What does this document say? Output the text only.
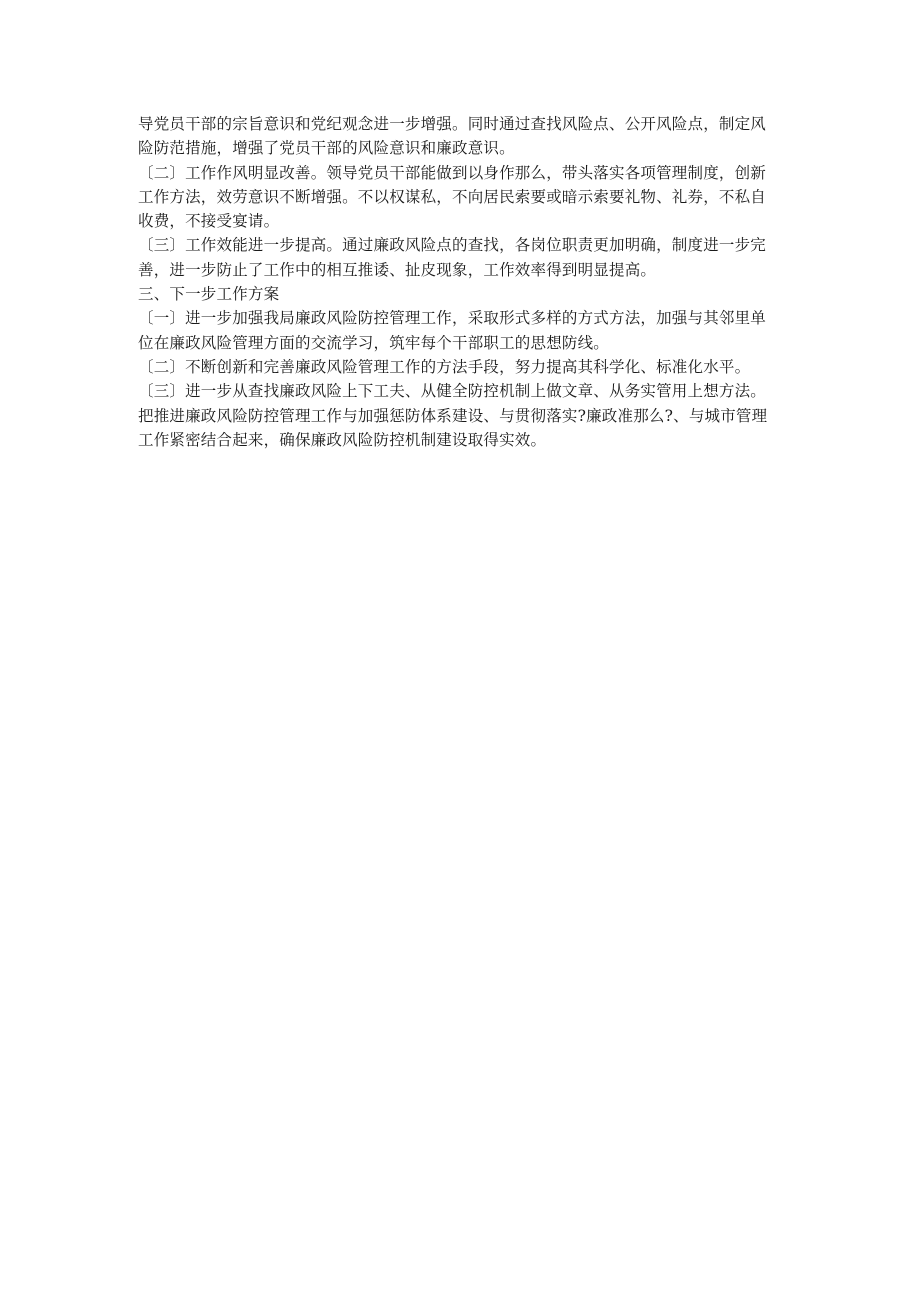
导党员干部的宗旨意识和党纪观念进一步增强。同时通过查找风险点、公开风险点，制定风
险防范措施，增强了党员干部的风险意识和廉政意识。
〔二〕工作作风明显改善。领导党员干部能做到以身作那么，带头落实各项管理制度，创新
工作方法，效劳意识不断增强。不以权谋私，不向居民索要或暗示索要礼物、礼券，不私自
收费，不接受宴请。
〔三〕工作效能进一步提高。通过廉政风险点的查找，各岗位职责更加明确，制度进一步完
善，进一步防止了工作中的相互推诿、扯皮现象，工作效率得到明显提高。
三、下一步工作方案
〔一〕进一步加强我局廉政风险防控管理工作，采取形式多样的方式方法，加强与其邻里单
位在廉政风险管理方面的交流学习，筑牢每个干部职工的思想防线。
〔二〕不断创新和完善廉政风险管理工作的方法手段，努力提高其科学化、标准化水平。
〔三〕进一步从查找廉政风险上下工夫、从健全防控机制上做文章、从务实管用上想方法。
把推进廉政风险防控管理工作与加强惩防体系建设、与贯彻落实?廉政准那么?、与城市管理
工作紧密结合起来，确保廉政风险防控机制建设取得实效。
